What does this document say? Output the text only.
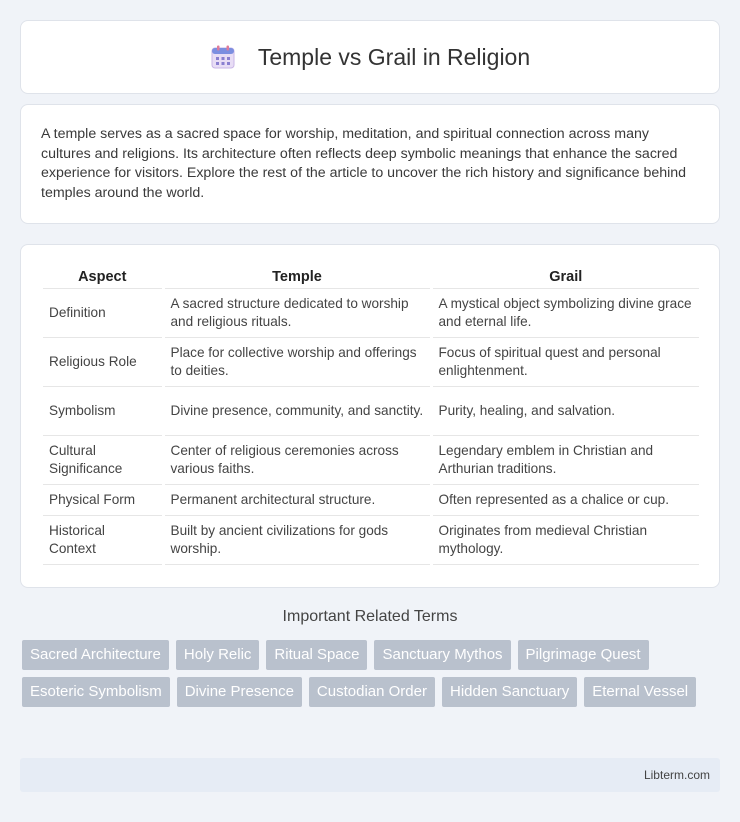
Temple vs Grail in Religion

A temple serves as a sacred space for worship, meditation, and spiritual connection across many cultures and religions. Its architecture often reflects deep symbolic meanings that enhance the sacred experience for visitors. Explore the rest of the article to uncover the rich history and significance behind temples around the world.

Aspect	Temple	Grail
Definition	A sacred structure dedicated to worship and religious rituals.	A mystical object symbolizing divine grace and eternal life.
Religious Role	Place for collective worship and offerings to deities.	Focus of spiritual quest and personal enlightenment.
Symbolism	Divine presence, community, and sanctity.	Purity, healing, and salvation.
Cultural Significance	Center of religious ceremonies across various faiths.	Legendary emblem in Christian and Arthurian traditions.
Physical Form	Permanent architectural structure.	Often represented as a chalice or cup.
Historical Context	Built by ancient civilizations for gods worship.	Originates from medieval Christian mythology.
Important Related Terms
Sacred Architecture	Holy Relic	Ritual Space	Sanctuary Mythos	Pilgrimage Quest
Esoteric Symbolism	Divine Presence	Custodian Order	Hidden Sanctuary	Eternal Vessel
Libterm.com
